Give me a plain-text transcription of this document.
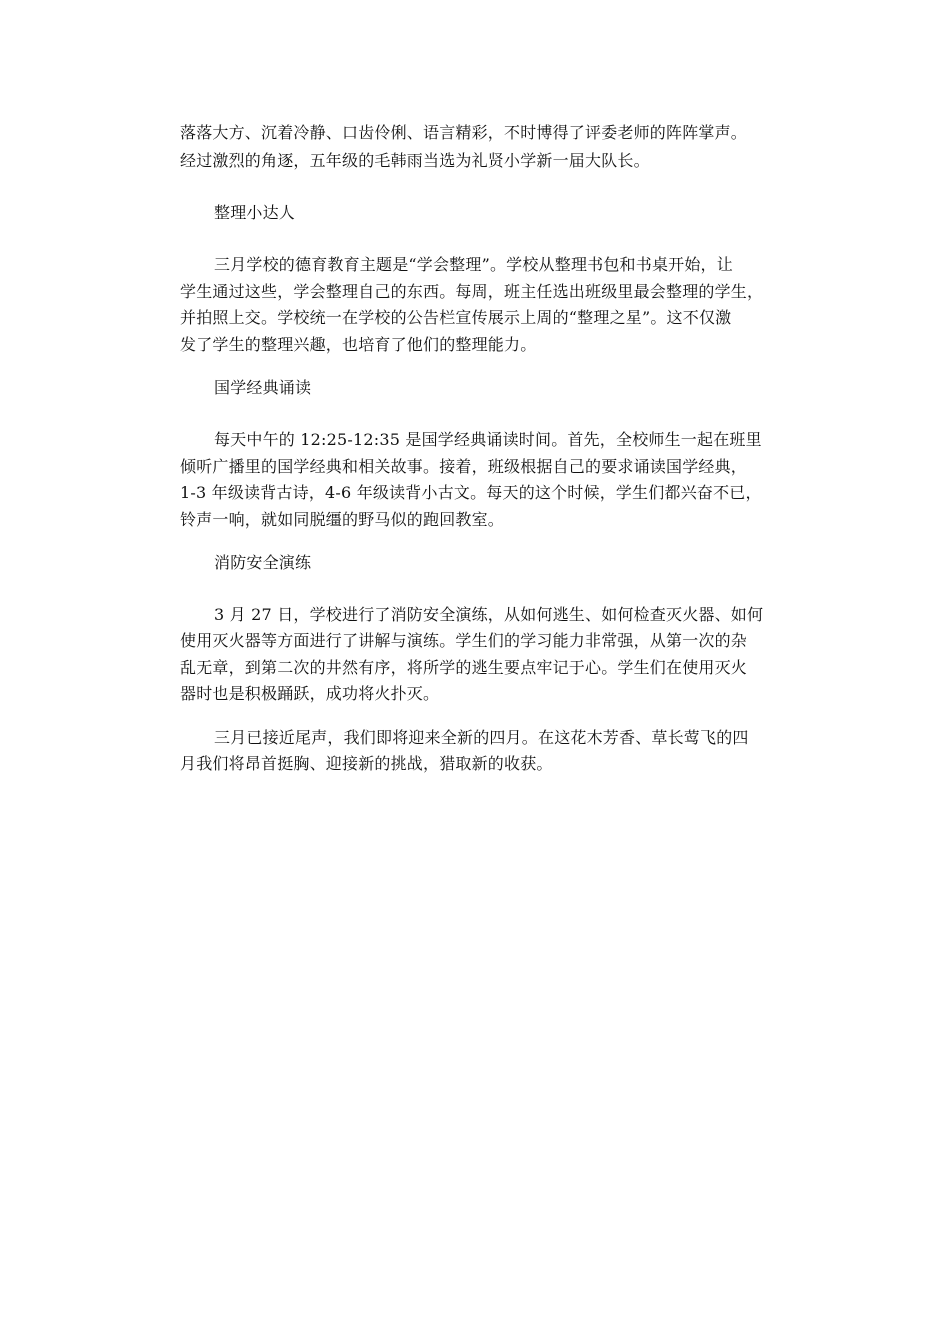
落落大方、沉着冷静、口齿伶俐、语言精彩，不时博得了评委老师的阵阵掌声。
经过激烈的角逐，五年级的毛韩雨当选为礼贤小学新一届大队长。
整理小达人
三月学校的德育教育主题是“学会整理”。学校从整理书包和书桌开始，让
学生通过这些，学会整理自己的东西。每周，班主任选出班级里最会整理的学生，
并拍照上交。学校统一在学校的公告栏宣传展示上周的“整理之星”。这不仅激
发了学生的整理兴趣，也培育了他们的整理能力。
国学经典诵读
每天中午的 12:25-12:35 是国学经典诵读时间。首先，全校师生一起在班里
倾听广播里的国学经典和相关故事。接着，班级根据自己的要求诵读国学经典，
1-3 年级读背古诗，4-6 年级读背小古文。每天的这个时候，学生们都兴奋不已，
铃声一响，就如同脱缰的野马似的跑回教室。
消防安全演练
3 月 27 日，学校进行了消防安全演练，从如何逃生、如何检查灭火器、如何
使用灭火器等方面进行了讲解与演练。学生们的学习能力非常强，从第一次的杂
乱无章，到第二次的井然有序，将所学的逃生要点牢记于心。学生们在使用灭火
器时也是积极踊跃，成功将火扑灭。
三月已接近尾声，我们即将迎来全新的四月。在这花木芳香、草长莺飞的四
月我们将昂首挺胸、迎接新的挑战，猎取新的收获。
